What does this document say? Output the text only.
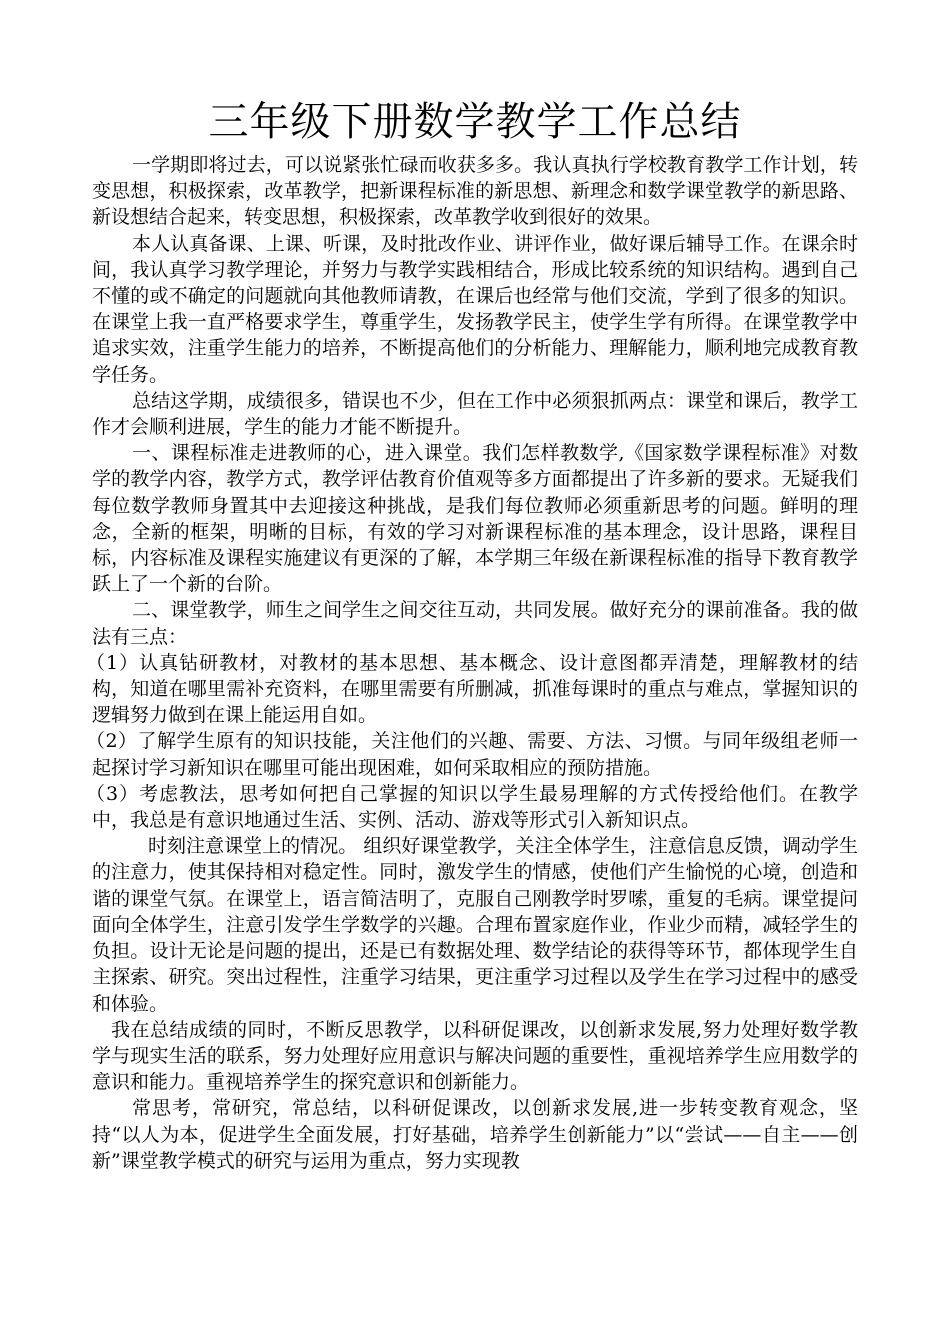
三年级下册数学教学工作总结

一学期即将过去，可以说紧张忙碌而收获多多。我认真执行学校教育教学工作计划，转变思想，积极探索，改革教学，把新课程标准的新思想、新理念和数学课堂教学的新思路、新设想结合起来，转变思想，积极探索，改革教学收到很好的效果。

本人认真备课、上课、听课，及时批改作业、讲评作业，做好课后辅导工作。在课余时间，我认真学习教学理论，并努力与教学实践相结合，形成比较系统的知识结构。遇到自己不懂的或不确定的问题就向其他教师请教，在课后也经常与他们交流，学到了很多的知识。在课堂上我一直严格要求学生，尊重学生，发扬教学民主，使学生学有所得。在课堂教学中追求实效，注重学生能力的培养，不断提高他们的分析能力、理解能力，顺利地完成教育教学任务。

总结这学期，成绩很多，错误也不少，但在工作中必须狠抓两点：课堂和课后，教学工作才会顺利进展，学生的能力才能不断提升。

一、课程标准走进教师的心，进入课堂。我们怎样教数学,《国家数学课程标准》对数学的教学内容，教学方式，教学评估教育价值观等多方面都提出了许多新的要求。无疑我们每位数学教师身置其中去迎接这种挑战，是我们每位教师必须重新思考的问题。鲜明的理念，全新的框架，明晰的目标，有效的学习对新课程标准的基本理念，设计思路，课程目标，内容标准及课程实施建议有更深的了解，本学期三年级在新课程标准的指导下教育教学跃上了一个新的台阶。

二、课堂教学，师生之间学生之间交往互动，共同发展。做好充分的课前准备。我的做法有三点：

（1）认真钻研教材，对教材的基本思想、基本概念、设计意图都弄清楚，理解教材的结构，知道在哪里需补充资料，在哪里需要有所删减，抓准每课时的重点与难点，掌握知识的逻辑努力做到在课上能运用自如。

（2）了解学生原有的知识技能，关注他们的兴趣、需要、方法、习惯。与同年级组老师一起探讨学习新知识在哪里可能出现困难，如何采取相应的预防措施。

（3）考虑教法，思考如何把自己掌握的知识以学生最易理解的方式传授给他们。在教学中，我总是有意识地通过生活、实例、活动、游戏等形式引入新知识点。

时刻注意课堂上的情况。 组织好课堂教学，关注全体学生，注意信息反馈，调动学生的注意力，使其保持相对稳定性。同时，激发学生的情感，使他们产生愉悦的心境，创造和谐的课堂气氛。在课堂上，语言简洁明了，克服自己刚教学时罗嗦，重复的毛病。课堂提问面向全体学生，注意引发学生学数学的兴趣。合理布置家庭作业，作业少而精，减轻学生的负担。设计无论是问题的提出，还是已有数据处理、数学结论的获得等环节，都体现学生自主探索、研究。突出过程性，注重学习结果，更注重学习过程以及学生在学习过程中的感受和体验。

我在总结成绩的同时，不断反思教学，以科研促课改，以创新求发展,努力处理好数学教学与现实生活的联系，努力处理好应用意识与解决问题的重要性，重视培养学生应用数学的意识和能力。重视培养学生的探究意识和创新能力。

常思考，常研究，常总结，以科研促课改，以创新求发展,进一步转变教育观念，坚持“以人为本，促进学生全面发展，打好基础，培养学生创新能力”以“尝试——自主——创新”课堂教学模式的研究与运用为重点，努力实现教
